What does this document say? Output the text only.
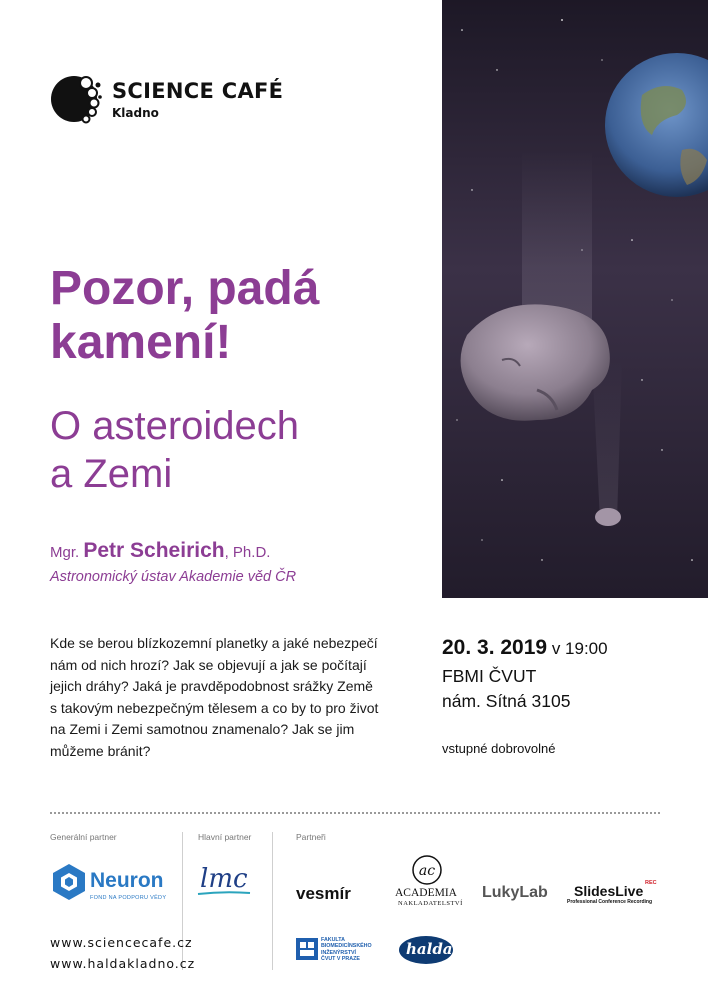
SCIENCE CAFÉ
Kladno
Pozor, padá
kamení!
O asteroidech
a Zemi
Mgr. Petr Scheirich, Ph.D.
Astronomický ústav Akademie věd ČR
Kde se berou blízkozemní planetky a jaké nebezpečí
nám od nich hrozí? Jak se objevují a jak se počítají
jejich dráhy? Jaká je pravděpodobnost srážky Země
s takovým nebezpečným tělesem a co by to pro život
na Zemi i Zemi samotnou znamenalo? Jak se jim
můžeme bránit?
20. 3. 2019 v 19:00
FBMI ČVUT
nám. Sítná 3105
vstupné dobrovolné
Generální partner	Hlavní partner	Partneři
Neuron
FOND NA PODPORU VĚDY
lmc	vesmír
ac
ACADEMIA
NAKLADATELSTVÍ
LukyLab SlidesLive REC
Professional Conference Recording
FAKULTA
BIOMEDICÍNSKÉHO
INŽENÝRSTVÍ
ČVUT V PRAZE
halda
www.sciencecafe.cz
www.haldakladno.cz
